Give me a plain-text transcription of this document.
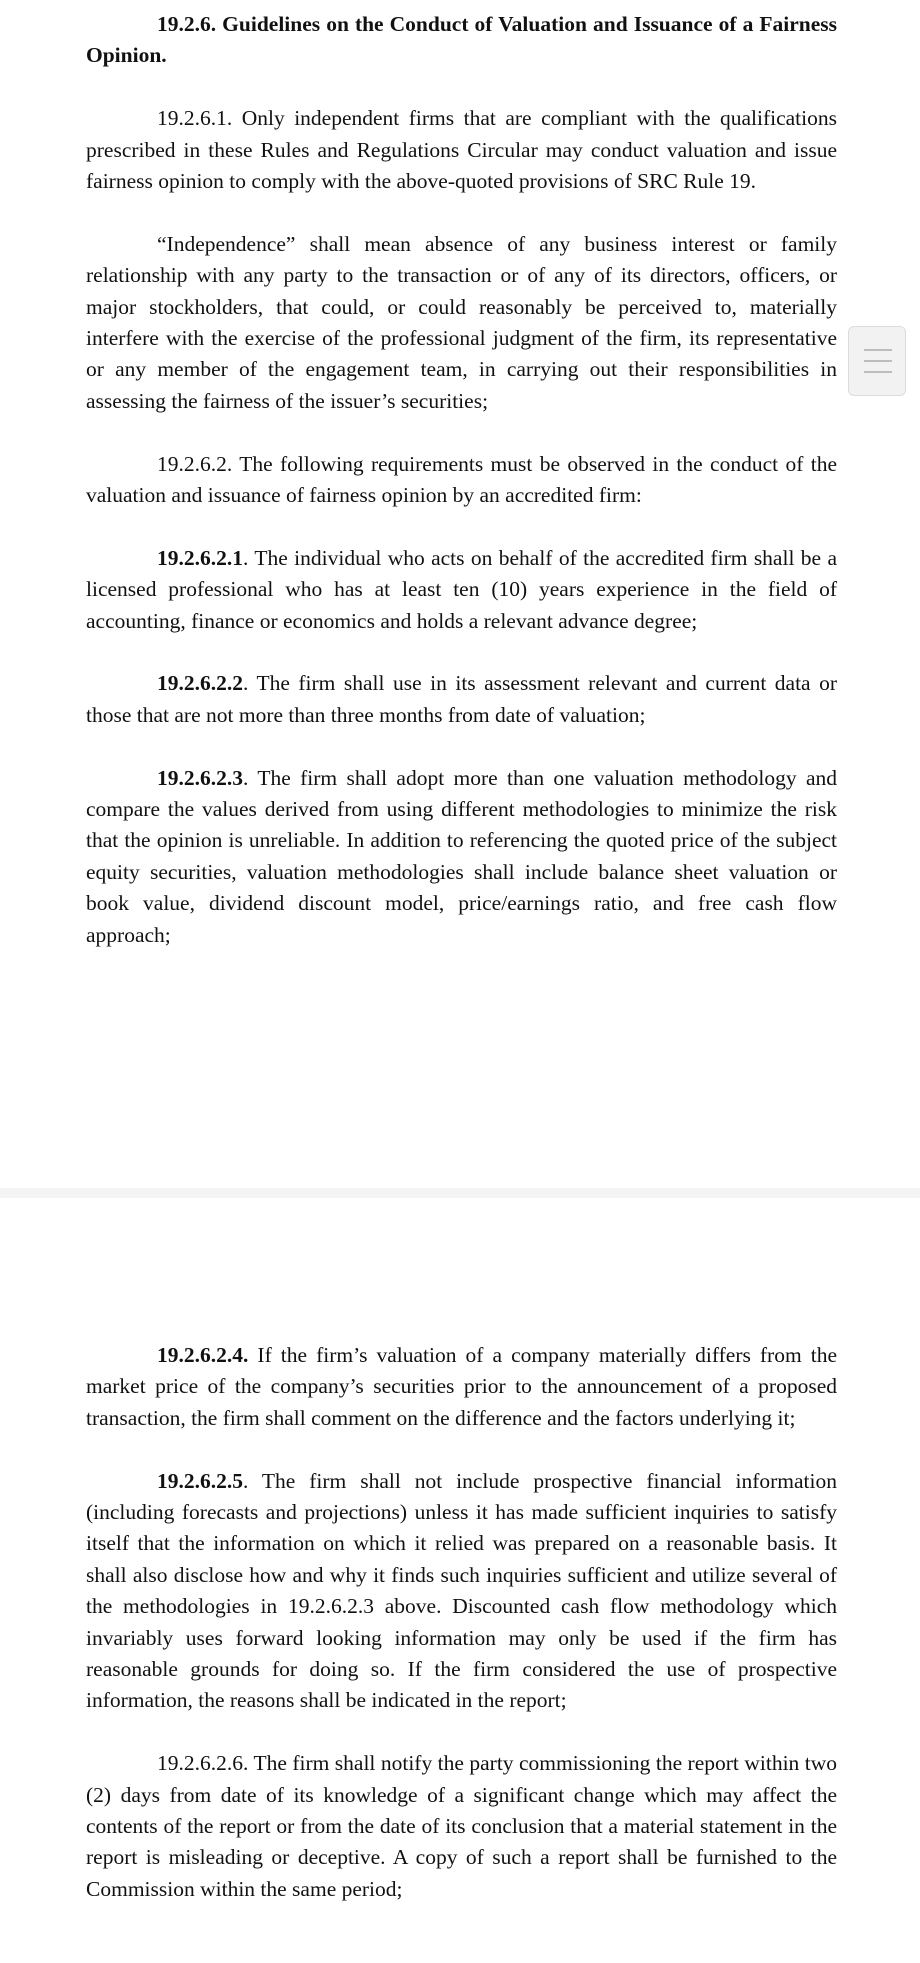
19.2.6. Guidelines on the Conduct of Valuation and Issuance of a Fairness Opinion.

19.2.6.1. Only independent firms that are compliant with the qualifications prescribed in these Rules and Regulations Circular may conduct valuation and issue fairness opinion to comply with the above-quoted provisions of SRC Rule 19.

“Independence” shall mean absence of any business interest or family relationship with any party to the transaction or of any of its directors, officers, or major stockholders, that could, or could reasonably be perceived to, materially interfere with the exercise of the professional judgment of the firm, its representative or any member of the engagement team, in carrying out their responsibilities in assessing the fairness of the issuer’s securities;

19.2.6.2. The following requirements must be observed in the conduct of the valuation and issuance of fairness opinion by an accredited firm:

19.2.6.2.1. The individual who acts on behalf of the accredited firm shall be a licensed professional who has at least ten (10) years experience in the field of accounting, finance or economics and holds a relevant advance degree;

19.2.6.2.2. The firm shall use in its assessment relevant and current data or those that are not more than three months from date of valuation;

19.2.6.2.3. The firm shall adopt more than one valuation methodology and compare the values derived from using different methodologies to minimize the risk that the opinion is unreliable. In addition to referencing the quoted price of the subject equity securities, valuation methodologies shall include balance sheet valuation or book value, dividend discount model, price/earnings ratio, and free cash flow approach;

19.2.6.2.4. If the firm’s valuation of a company materially differs from the market price of the company’s securities prior to the announcement of a proposed transaction, the firm shall comment on the difference and the factors underlying it;

19.2.6.2.5. The firm shall not include prospective financial information (including forecasts and projections) unless it has made sufficient inquiries to satisfy itself that the information on which it relied was prepared on a reasonable basis. It shall also disclose how and why it finds such inquiries sufficient and utilize several of the methodologies in 19.2.6.2.3 above. Discounted cash flow methodology which invariably uses forward looking information may only be used if the firm has reasonable grounds for doing so. If the firm considered the use of prospective information, the reasons shall be indicated in the report;

19.2.6.2.6. The firm shall notify the party commissioning the report within two (2) days from date of its knowledge of a significant change which may affect the contents of the report or from the date of its conclusion that a material statement in the report is misleading or deceptive. A copy of such a report shall be furnished to the Commission within the same period;
